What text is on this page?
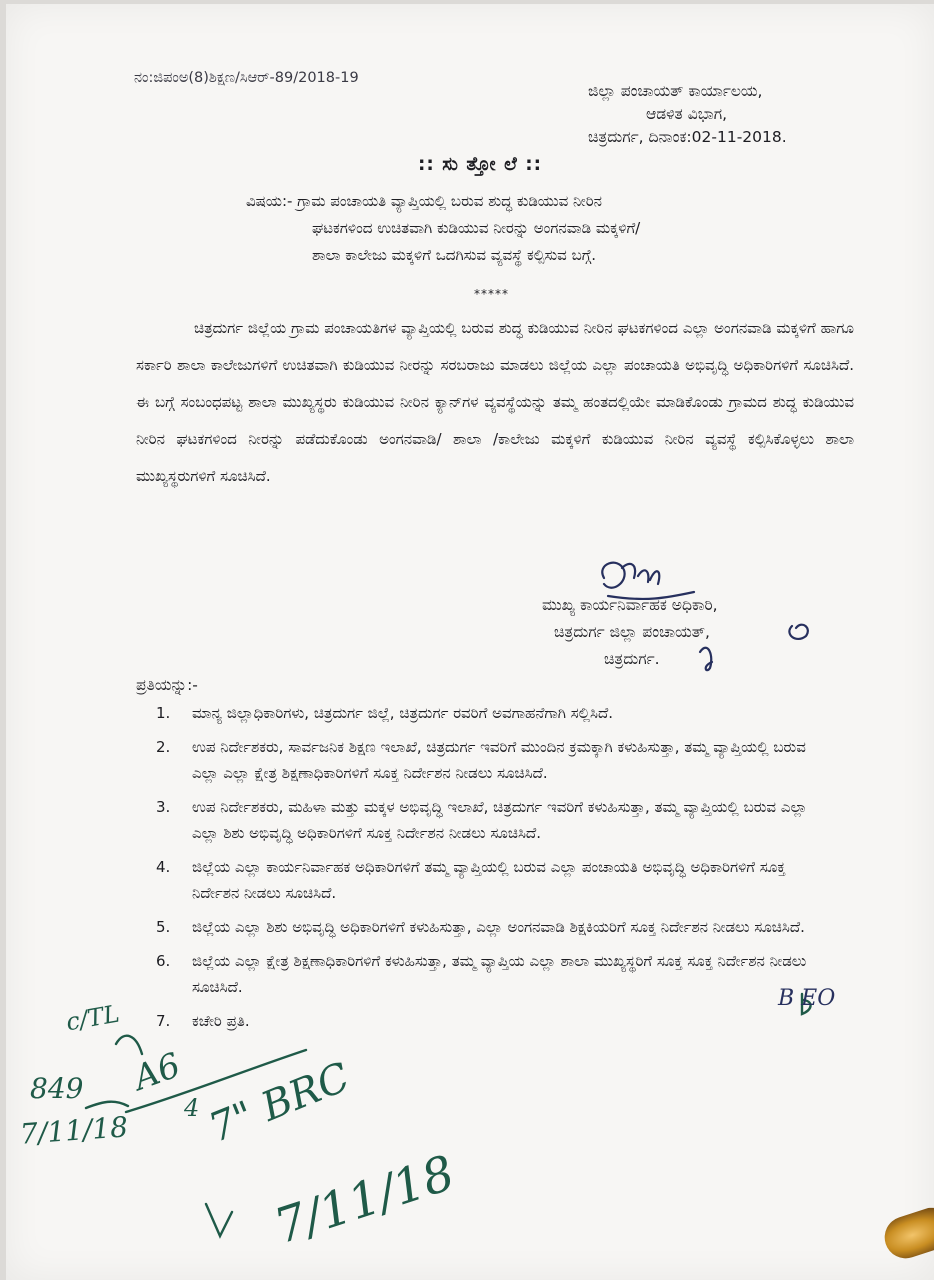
ನಂ:ಜಿಪಂಅ(8)ಶಿಕ್ಷಣ/ಸಿಆರ್-89/2018-19
ಜಿಲ್ಲಾ ಪಂಚಾಯತ್ ಕಾರ್ಯಾಲಯ,
ಆಡಳಿತ ವಿಭಾಗ,
ಚಿತ್ರದುರ್ಗ, ದಿನಾಂಕ:02-11-2018.
:: ಸು ತ್ತೋ ಲೆ ::
ವಿಷಯ:- ಗ್ರಾಮ ಪಂಚಾಯತಿ ವ್ಯಾಪ್ತಿಯಲ್ಲಿ ಬರುವ ಶುದ್ಧ ಕುಡಿಯುವ ನೀರಿನ
ಘಟಕಗಳಿಂದ ಉಚಿತವಾಗಿ ಕುಡಿಯುವ ನೀರನ್ನು ಅಂಗನವಾಡಿ ಮಕ್ಕಳಿಗೆ/
ಶಾಲಾ ಕಾಲೇಜು ಮಕ್ಕಳಿಗೆ ಒದಗಿಸುವ ವ್ಯವಸ್ಥೆ ಕಲ್ಪಿಸುವ ಬಗ್ಗೆ.
*****

ಚಿತ್ರದುರ್ಗ ಜಿಲ್ಲೆಯ ಗ್ರಾಮ ಪಂಚಾಯತಿಗಳ ವ್ಯಾಪ್ತಿಯಲ್ಲಿ ಬರುವ ಶುದ್ಧ ಕುಡಿಯುವ ನೀರಿನ ಘಟಕಗಳಿಂದ ಎಲ್ಲಾ ಅಂಗನವಾಡಿ ಮಕ್ಕಳಿಗೆ ಹಾಗೂ ಸರ್ಕಾರಿ ಶಾಲಾ ಕಾಲೇಜುಗಳಿಗೆ ಉಚಿತವಾಗಿ ಕುಡಿಯುವ ನೀರನ್ನು ಸರಬರಾಜು ಮಾಡಲು ಜಿಲ್ಲೆಯ ಎಲ್ಲಾ ಪಂಚಾಯತಿ ಅಭಿವೃದ್ಧಿ ಅಧಿಕಾರಿಗಳಿಗೆ ಸೂಚಿಸಿದೆ. ಈ ಬಗ್ಗೆ ಸಂಬಂಧಪಟ್ಟ ಶಾಲಾ ಮುಖ್ಯಸ್ಥರು ಕುಡಿಯುವ ನೀರಿನ ಕ್ಯಾನ್‌ಗಳ ವ್ಯವಸ್ಥೆಯನ್ನು ತಮ್ಮ ಹಂತದಲ್ಲಿಯೇ ಮಾಡಿಕೊಂಡು ಗ್ರಾಮದ ಶುದ್ಧ ಕುಡಿಯುವ ನೀರಿನ ಘಟಕಗಳಿಂದ ನೀರನ್ನು ಪಡೆದುಕೊಂಡು ಅಂಗನವಾಡಿ/ ಶಾಲಾ /ಕಾಲೇಜು ಮಕ್ಕಳಿಗೆ ಕುಡಿಯುವ ನೀರಿನ ವ್ಯವಸ್ಥೆ ಕಲ್ಪಿಸಿಕೊಳ್ಳಲು ಶಾಲಾ ಮುಖ್ಯಸ್ಥರುಗಳಿಗೆ ಸೂಚಿಸಿದೆ.

ಮುಖ್ಯ ಕಾರ್ಯನಿರ್ವಾಹಕ ಅಧಿಕಾರಿ,
ಚಿತ್ರದುರ್ಗ ಜಿಲ್ಲಾ ಪಂಚಾಯತ್,
ಚಿತ್ರದುರ್ಗ.
ಪ್ರತಿಯನ್ನು:-
1.	ಮಾನ್ಯ ಜಿಲ್ಲಾಧಿಕಾರಿಗಳು, ಚಿತ್ರದುರ್ಗ ಜಿಲ್ಲೆ, ಚಿತ್ರದುರ್ಗ ರವರಿಗೆ ಅವಗಾಹನೆಗಾಗಿ ಸಲ್ಲಿಸಿದೆ.
2.	ಉಪ ನಿರ್ದೇಶಕರು, ಸಾರ್ವಜನಿಕ ಶಿಕ್ಷಣ ಇಲಾಖೆ, ಚಿತ್ರದುರ್ಗ ಇವರಿಗೆ ಮುಂದಿನ ಕ್ರಮಕ್ಕಾಗಿ ಕಳುಹಿಸುತ್ತಾ, ತಮ್ಮ ವ್ಯಾಪ್ತಿಯಲ್ಲಿ ಬರುವ ಎಲ್ಲಾ ಎಲ್ಲಾ ಕ್ಷೇತ್ರ ಶಿಕ್ಷಣಾಧಿಕಾರಿಗಳಿಗೆ ಸೂಕ್ತ ನಿರ್ದೇಶನ ನೀಡಲು ಸೂಚಿಸಿದೆ.
3.	ಉಪ ನಿರ್ದೇಶಕರು, ಮಹಿಳಾ ಮತ್ತು ಮಕ್ಕಳ ಅಭಿವೃದ್ಧಿ ಇಲಾಖೆ, ಚಿತ್ರದುರ್ಗ ಇವರಿಗೆ ಕಳುಹಿಸುತ್ತಾ, ತಮ್ಮ ವ್ಯಾಪ್ತಿಯಲ್ಲಿ ಬರುವ ಎಲ್ಲಾ ಎಲ್ಲಾ ಶಿಶು ಅಭಿವೃದ್ಧಿ ಅಧಿಕಾರಿಗಳಿಗೆ ಸೂಕ್ತ ನಿರ್ದೇಶನ ನೀಡಲು ಸೂಚಿಸಿದೆ.
4.	ಜಿಲ್ಲೆಯ ಎಲ್ಲಾ ಕಾರ್ಯನಿರ್ವಾಹಕ ಅಧಿಕಾರಿಗಳಿಗೆ ತಮ್ಮ ವ್ಯಾಪ್ತಿಯಲ್ಲಿ ಬರುವ ಎಲ್ಲಾ ಪಂಚಾಯತಿ ಅಭಿವೃದ್ಧಿ ಅಧಿಕಾರಿಗಳಿಗೆ ಸೂಕ್ತ ನಿರ್ದೇಶನ ನೀಡಲು ಸೂಚಿಸಿದೆ.
5.	ಜಿಲ್ಲೆಯ ಎಲ್ಲಾ ಶಿಶು ಅಭಿವೃದ್ಧಿ ಅಧಿಕಾರಿಗಳಿಗೆ ಕಳುಹಿಸುತ್ತಾ, ಎಲ್ಲಾ ಅಂಗನವಾಡಿ ಶಿಕ್ಷಕಿಯರಿಗೆ ಸೂಕ್ತ ನಿರ್ದೇಶನ ನೀಡಲು ಸೂಚಿಸಿದೆ.
6.	ಜಿಲ್ಲೆಯ ಎಲ್ಲಾ ಕ್ಷೇತ್ರ ಶಿಕ್ಷಣಾಧಿಕಾರಿಗಳಿಗೆ ಕಳುಹಿಸುತ್ತಾ, ತಮ್ಮ ವ್ಯಾಪ್ತಿಯ ಎಲ್ಲಾ ಶಾಲಾ ಮುಖ್ಯಸ್ಥರಿಗೆ ಸೂಕ್ತ ಸೂಕ್ತ ನಿರ್ದೇಶನ ನೀಡಲು ಸೂಚಿಸಿದೆ.
7.	ಕಚೇರಿ ಪ್ರತಿ.
B EO
c/TL
849
7/11/18
A6
4 7" BRC
7/11/18
